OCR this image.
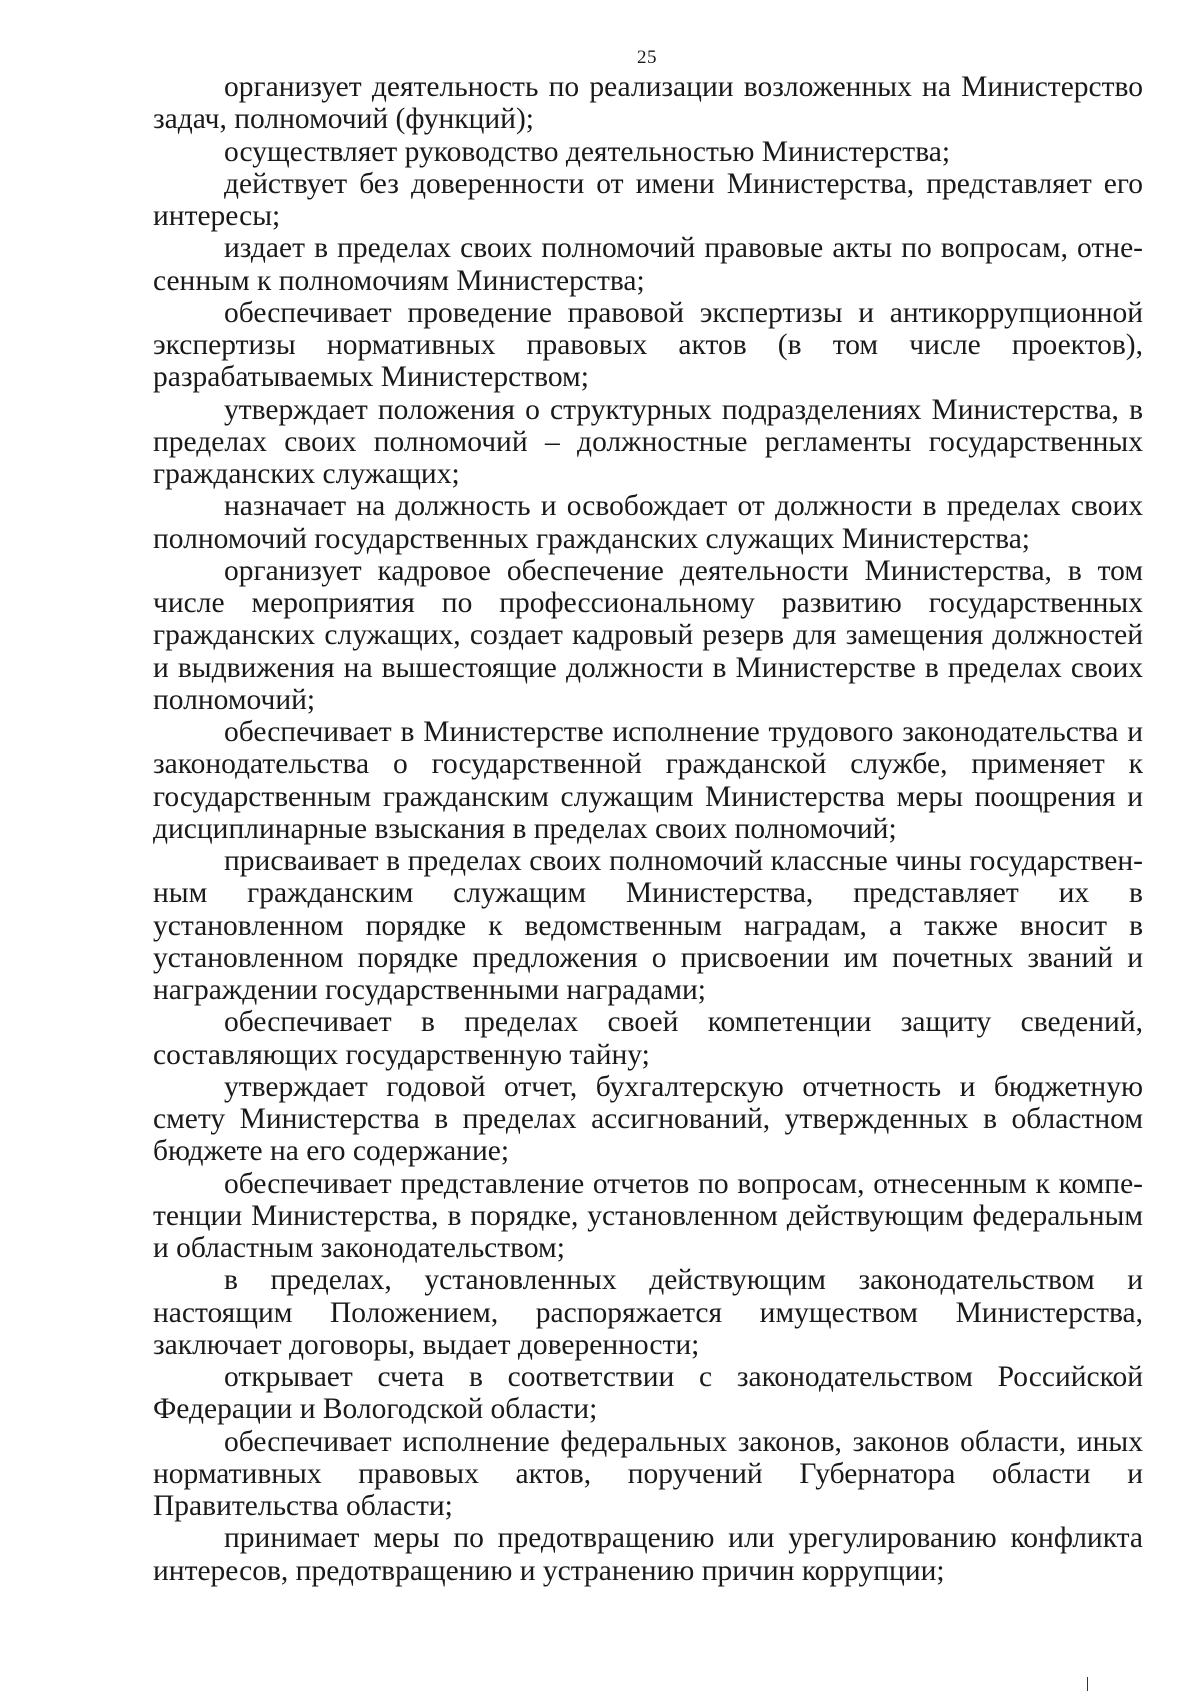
25

организует деятельность по реализации возложенных на Министерство задач, полномочий (функций);

осуществляет руководство деятельностью Министерства;

действует без доверенности от имени Министерства, представляет его интересы;

издает в пределах своих полномочий правовые акты по вопросам, отнесенным к полномочиям Министерства;

обеспечивает проведение правовой экспертизы и антикоррупционной экспертизы нормативных правовых актов (в том числе проектов), разрабатываемых Министерством;

утверждает положения о структурных подразделениях Министерства, в пределах своих полномочий – должностные регламенты государственных гражданских служащих;

назначает на должность и освобождает от должности в пределах своих полномочий государственных гражданских служащих Министерства;

организует кадровое обеспечение деятельности Министерства, в том числе мероприятия по профессиональному развитию государственных гражданских служащих, создает кадровый резерв для замещения должностей и выдвижения на вышестоящие должности в Министерстве в пределах своих полномочий;

обеспечивает в Министерстве исполнение трудового законодательства и законодательства о государственной гражданской службе, применяет к государственным гражданским служащим Министерства меры поощрения и дисциплинарные взыскания в пределах своих полномочий;

присваивает в пределах своих полномочий классные чины государственным гражданским служащим Министерства, представляет их в установленном порядке к ведомственным наградам, а также вносит в установленном порядке предложения о присвоении им почетных званий и награждении государственными наградами;

обеспечивает в пределах своей компетенции защиту сведений, составляющих государственную тайну;

утверждает годовой отчет, бухгалтерскую отчетность и бюджетную смету Министерства в пределах ассигнований, утвержденных в областном бюджете на его содержание;

обеспечивает представление отчетов по вопросам, отнесенным к компетенции Министерства, в порядке, установленном действующим федеральным и областным законодательством;

в пределах, установленных действующим законодательством и настоящим Положением, распоряжается имуществом Министерства, заключает договоры, выдает доверенности;

открывает счета в соответствии с законодательством Российской Федерации и Вологодской области;

обеспечивает исполнение федеральных законов, законов области, иных нормативных правовых актов, поручений Губернатора области и Правительства области;

принимает меры по предотвращению или урегулированию конфликта интересов, предотвращению и устранению причин коррупции;
